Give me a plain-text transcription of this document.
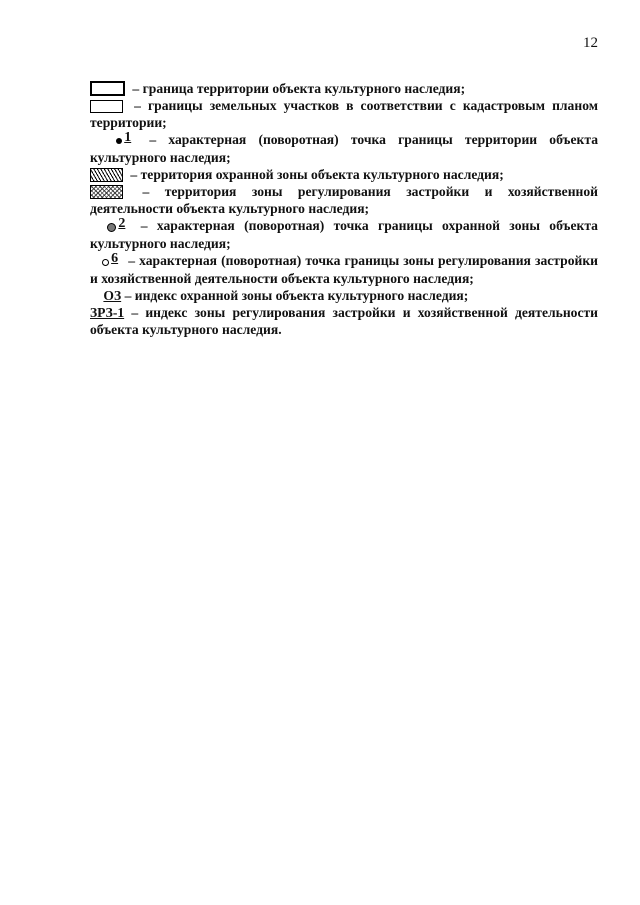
12

– граница территории объекта культурного наследия;

– границы земельных участков в соответствии с кадастровым планом территории;

1 – характерная (поворотная) точка границы территории объекта культурного наследия;

– территория охранной зоны объекта культурного наследия;

– территория зоны регулирования застройки и хозяйственной деятельности объекта культурного наследия;

2 – характерная (поворотная) точка границы охранной зоны объекта культурного наследия;

6 – характерная (поворотная) точка границы зоны регулирования застройки и хозяйственной деятельности объекта культурного наследия;

ОЗ – индекс охранной зоны объекта культурного наследия;

ЗРЗ-1 – индекс зоны регулирования застройки и хозяйственной деятельности объекта культурного наследия.
